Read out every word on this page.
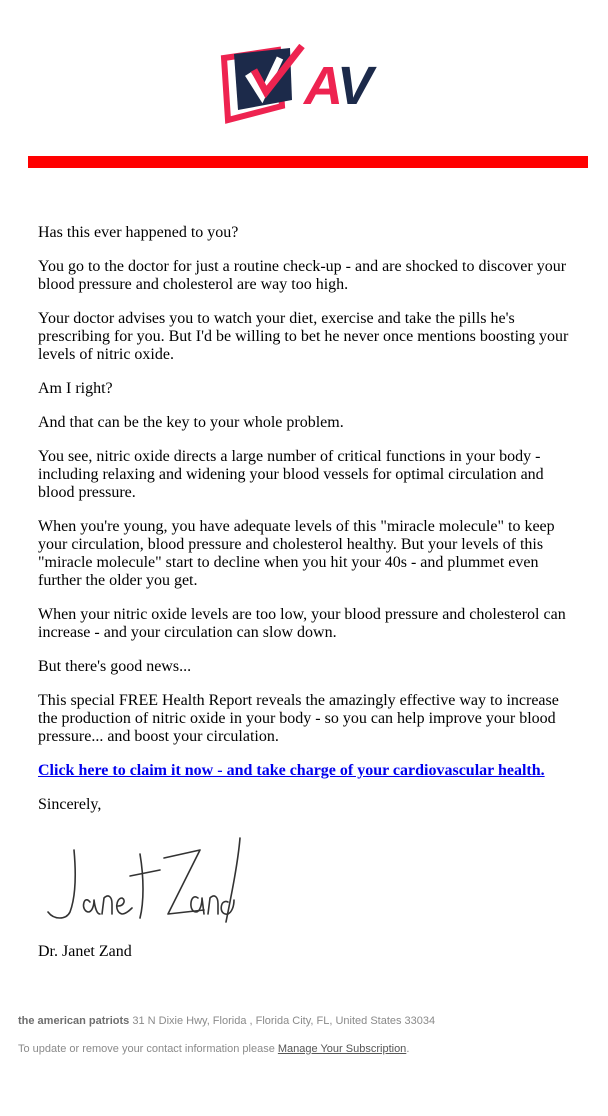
AV

Has this ever happened to you?

You go to the doctor for just a routine check-up - and are shocked to discover your blood pressure and cholesterol are way too high.

Your doctor advises you to watch your diet, exercise and take the pills he's prescribing for you. But I'd be willing to bet he never once mentions boosting your levels of nitric oxide.

Am I right?

And that can be the key to your whole problem.

You see, nitric oxide directs a large number of critical functions in your body - including relaxing and widening your blood vessels for optimal circulation and blood pressure.

When you're young, you have adequate levels of this "miracle molecule" to keep your circulation, blood pressure and cholesterol healthy. But your levels of this "miracle molecule" start to decline when you hit your 40s - and plummet even further the older you get.

When your nitric oxide levels are too low, your blood pressure and cholesterol can increase - and your circulation can slow down.

But there's good news...

This special FREE Health Report reveals the amazingly effective way to increase the production of nitric oxide in your body - so you can help improve your blood pressure... and boost your circulation.

Click here to claim it now - and take charge of your cardiovascular health.

Sincerely,

Dr. Janet Zand
the american patriots 31 N Dixie Hwy, Florida , Florida City, FL, United States 33034
To update or remove your contact information please Manage Your Subscription.
